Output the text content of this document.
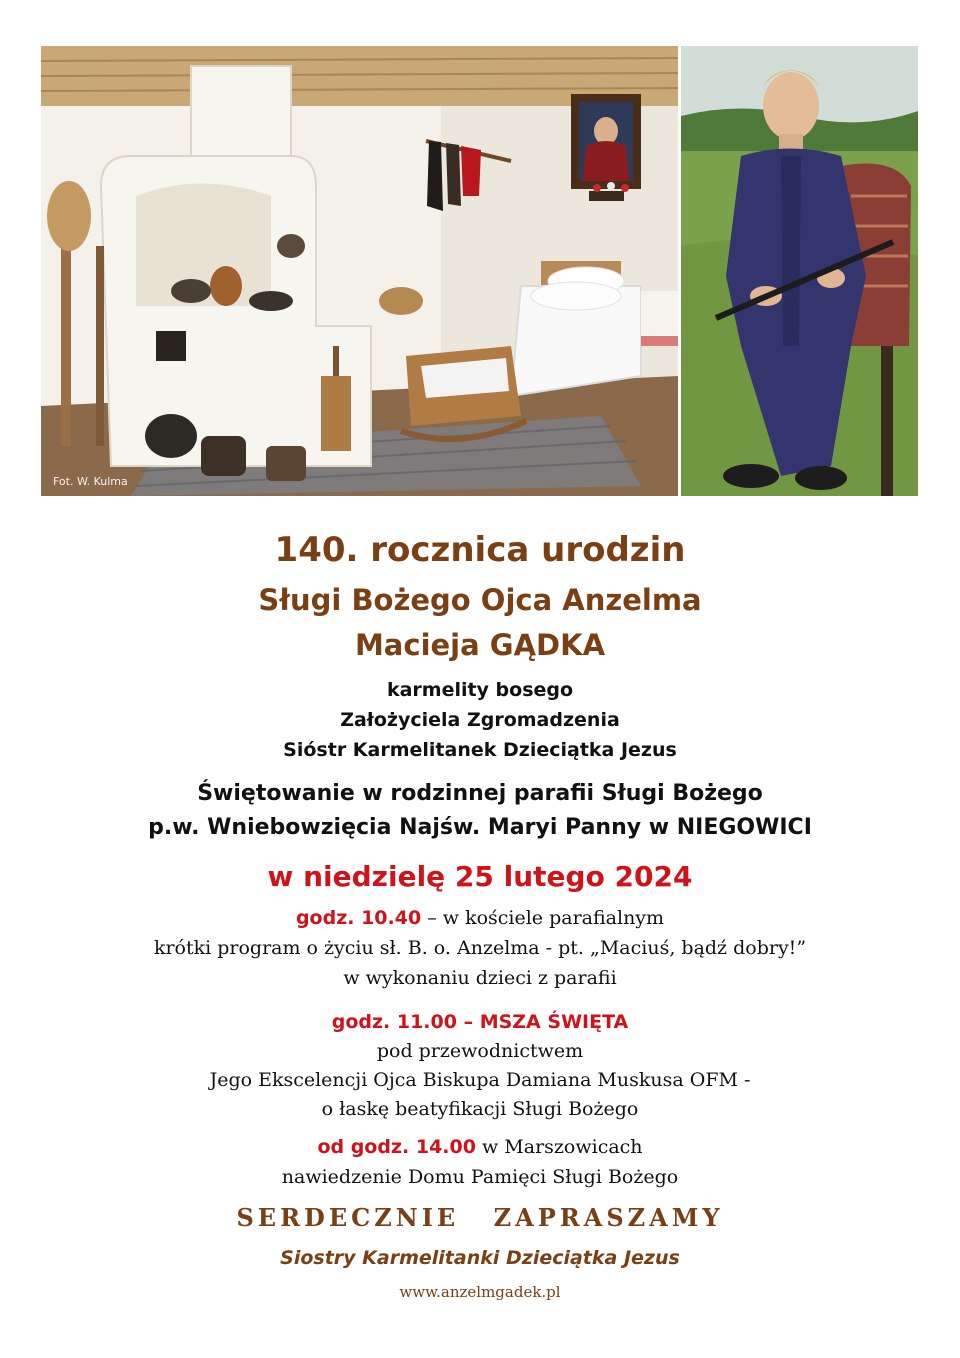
Fot. W. Kulma
140. rocznica urodzin
Sługi Bożego Ojca Anzelma
Macieja GĄDKA
karmelity bosego
Założyciela Zgromadzenia
Sióstr Karmelitanek Dzieciątka Jezus
Świętowanie w rodzinnej parafii Sługi Bożego
p.w. Wniebowzięcia Najśw. Maryi Panny w NIEGOWICI
w niedzielę 25 lutego 2024
godz. 10.40 – w kościele parafialnym
krótki program o życiu sł. B. o. Anzelma - pt. „Maciuś, bądź dobry!”
w wykonaniu dzieci z parafii
godz. 11.00 – MSZA ŚWIĘTA
pod przewodnictwem
Jego Ekscelencji Ojca Biskupa Damiana Muskusa OFM -
o łaskę beatyfikacji Sługi Bożego
od godz. 14.00 w Marszowicach
nawiedzenie Domu Pamięci Sługi Bożego
SERDECZNIE ZAPRASZAMY
Siostry Karmelitanki Dzieciątka Jezus
www.anzelmgadek.pl
